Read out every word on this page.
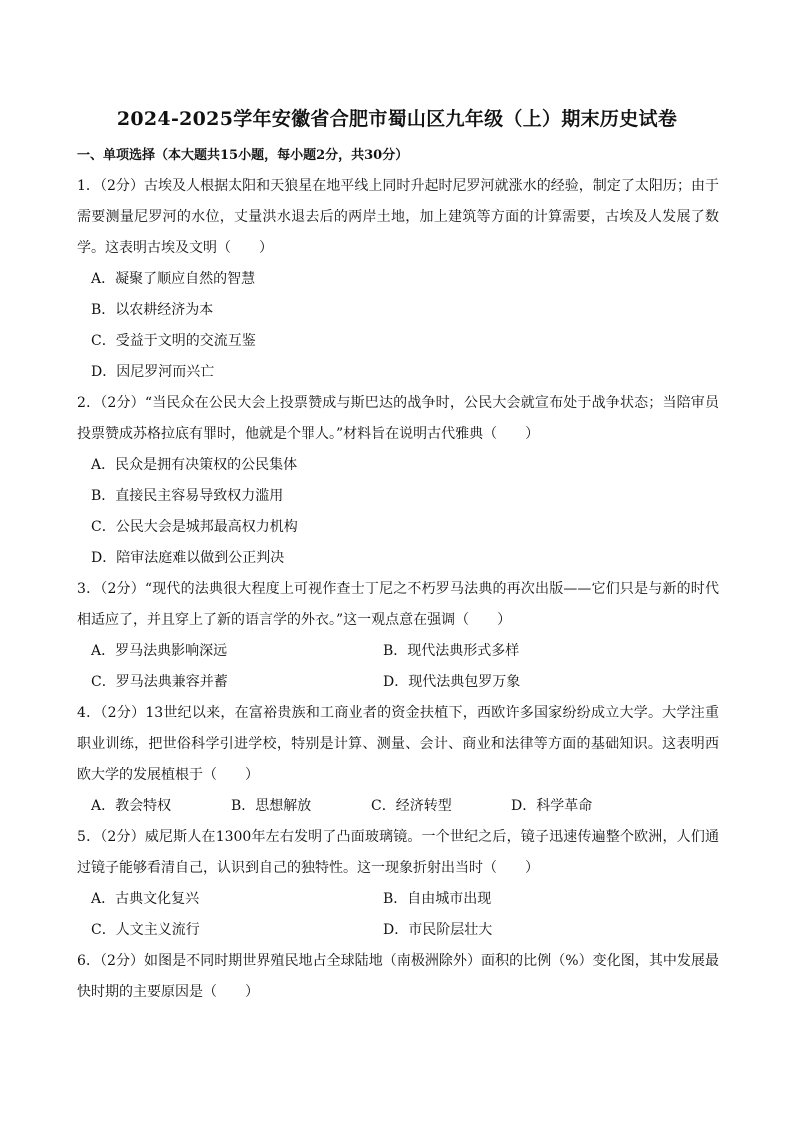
2024-2025学年安徽省合肥市蜀山区九年级（上）期末历史试卷
一、单项选择（本大题共15小题，每小题2分，共30分）

1．（2分）古埃及人根据太阳和天狼星在地平线上同时升起时尼罗河就涨水的经验，制定了太阳历；由于需要测量尼罗河的水位，丈量洪水退去后的两岸土地，加上建筑等方面的计算需要，古埃及人发展了数学。这表明古埃及文明（　　）

A．凝聚了顺应自然的智慧

B．以农耕经济为本

C．受益于文明的交流互鉴

D．因尼罗河而兴亡

2．（2分）“当民众在公民大会上投票赞成与斯巴达的战争时，公民大会就宣布处于战争状态；当陪审员投票赞成苏格拉底有罪时，他就是个罪人。”材料旨在说明古代雅典（　　）

A．民众是拥有决策权的公民集体

B．直接民主容易导致权力滥用

C．公民大会是城邦最高权力机构

D．陪审法庭难以做到公正判决

3．（2分）“现代的法典很大程度上可视作查士丁尼之不朽罗马法典的再次出版——它们只是与新的时代相适应了，并且穿上了新的语言学的外衣。”这一观点意在强调（　　）

A．罗马法典影响深远	B．现代法典形式多样
C．罗马法典兼容并蓄	D．现代法典包罗万象

4．（2分）13世纪以来，在富裕贵族和工商业者的资金扶植下，西欧许多国家纷纷成立大学。大学注重职业训练，把世俗科学引进学校，特别是计算、测量、会计、商业和法律等方面的基础知识。这表明西欧大学的发展植根于（　　）

A．教会特权	B．思想解放	C．经济转型	D．科学革命

5．（2分）威尼斯人在1300年左右发明了凸面玻璃镜。一个世纪之后，镜子迅速传遍整个欧洲，人们通过镜子能够看清自己，认识到自己的独特性。这一现象折射出当时（　　）

A．古典文化复兴	B．自由城市出现
C．人文主义流行	D．市民阶层壮大

6．（2分）如图是不同时期世界殖民地占全球陆地（南极洲除外）面积的比例（%）变化图，其中发展最快时期的主要原因是（　　）
